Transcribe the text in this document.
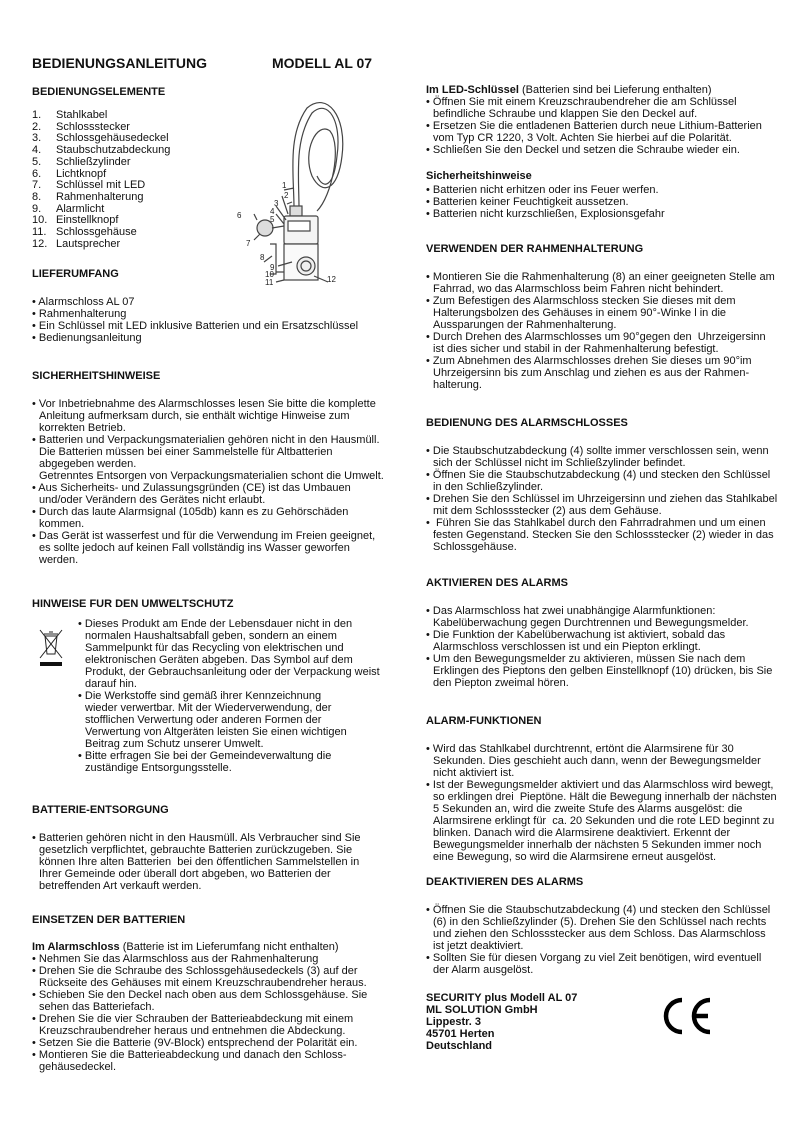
BEDIENUNGSANLEITUNG	MODELL AL 07
BEDIENUNGSELEMENTE
1.	Stahlkabel
2.	Schlossstecker
3.	Schlossgehäusedeckel
4.	Staubschutzabdeckung
5.	Schließzylinder
6.	Lichtknopf
7.	Schlüssel mit LED
8.	Rahmenhalterung
9.	Alarmlicht
10. Einstellknopf
11. Schlossgehäuse
12. Lautsprecher
1
2
3
4
5
6
7
8
9
10
11	12
LIEFERUMFANG
• Alarmschloss AL 07
• Rahmenhalterung
• Ein Schlüssel mit LED inklusive Batterien und ein Ersatzschlüssel
• Bedienungsanleitung
SICHERHEITSHINWEISE
• Vor Inbetriebnahme des Alarmschlosses lesen Sie bitte die komplette
Anleitung aufmerksam durch, sie enthält wichtige Hinweise zum
korrekten Betrieb.
• Batterien und Verpackungsmaterialien gehören nicht in den Hausmüll.
Die Batterien müssen bei einer Sammelstelle für Altbatterien
abgegeben werden.
Getrenntes Entsorgen von Verpackungsmaterialien schont die Umwelt.
• Aus Sicherheits- und Zulassungsgründen (CE) ist das Umbauen
und/oder Verändern des Gerätes nicht erlaubt.
• Durch das laute Alarmsignal (105db) kann es zu Gehörschäden
kommen.
• Das Gerät ist wasserfest und für die Verwendung im Freien geeignet,
es sollte jedoch auf keinen Fall vollständig ins Wasser geworfen
werden.
HINWEISE FUR DEN UMWELTSCHUTZ
• Dieses Produkt am Ende der Lebensdauer nicht in den
normalen Haushaltsabfall geben, sondern an einem
Sammelpunkt für das Recycling von elektrischen und
elektronischen Geräten abgeben. Das Symbol auf dem
Produkt, der Gebrauchsanleitung oder der Verpackung weist
darauf hin.
• Die Werkstoffe sind gemäß ihrer Kennzeichnung
wieder verwertbar. Mit der Wiederverwendung, der
stofflichen Verwertung oder anderen Formen der
Verwertung von Altgeräten leisten Sie einen wichtigen
Beitrag zum Schutz unserer Umwelt.
• Bitte erfragen Sie bei der Gemeindeverwaltung die
zuständige Entsorgungsstelle.
BATTERIE-ENTSORGUNG
• Batterien gehören nicht in den Hausmüll. Als Verbraucher sind Sie
gesetzlich verpflichtet, gebrauchte Batterien zurückzugeben. Sie
können Ihre alten Batterien  bei den öffentlichen Sammelstellen in
Ihrer Gemeinde oder überall dort abgeben, wo Batterien der
betreffenden Art verkauft werden.
EINSETZEN DER BATTERIEN
Im Alarmschloss (Batterie ist im Lieferumfang nicht enthalten)
• Nehmen Sie das Alarmschloss aus der Rahmenhalterung
• Drehen Sie die Schraube des Schlossgehäusedeckels (3) auf der
Rückseite des Gehäuses mit einem Kreuzschraubendreher heraus.
• Schieben Sie den Deckel nach oben aus dem Schlossgehäuse. Sie
sehen das Batteriefach.
• Drehen Sie die vier Schrauben der Batterieabdeckung mit einem
Kreuzschraubendreher heraus und entnehmen die Abdeckung.
• Setzen Sie die Batterie (9V-Block) entsprechend der Polarität ein.
• Montieren Sie die Batterieabdeckung und danach den Schloss-
gehäusedeckel.
Im LED-Schlüssel (Batterien sind bei Lieferung enthalten)
• Öffnen Sie mit einem Kreuzschraubendreher die am Schlüssel
befindliche Schraube und klappen Sie den Deckel auf.
• Ersetzen Sie die entladenen Batterien durch neue Lithium-Batterien
vom Typ CR 1220, 3 Volt. Achten Sie hierbei auf die Polarität.
• Schließen Sie den Deckel und setzen die Schraube wieder ein.
Sicherheitshinweise
• Batterien nicht erhitzen oder ins Feuer werfen.
• Batterien keiner Feuchtigkeit aussetzen.
• Batterien nicht kurzschließen, Explosionsgefahr
VERWENDEN DER RAHMENHALTERUNG
• Montieren Sie die Rahmenhalterung (8) an einer geeigneten Stelle am
Fahrrad, wo das Alarmschloss beim Fahren nicht behindert.
• Zum Befestigen des Alarmschloss stecken Sie dieses mit dem
Halterungsbolzen des Gehäuses in einem 90°-Winke l in die
Aussparungen der Rahmenhalterung.
• Durch Drehen des Alarmschlosses um 90°gegen den  Uhrzeigersinn
ist dies sicher und stabil in der Rahmenhalterung befestigt.
• Zum Abnehmen des Alarmschlosses drehen Sie dieses um 90°im
Uhrzeigersinn bis zum Anschlag und ziehen es aus der Rahmen-
halterung.
BEDIENUNG DES ALARMSCHLOSSES
• Die Staubschutzabdeckung (4) sollte immer verschlossen sein, wenn
sich der Schlüssel nicht im Schließzylinder befindet.
• Öffnen Sie die Staubschutzabdeckung (4) und stecken den Schlüssel
in den Schließzylinder.
• Drehen Sie den Schlüssel im Uhrzeigersinn und ziehen das Stahlkabel
mit dem Schlossstecker (2) aus dem Gehäuse.
•  Führen Sie das Stahlkabel durch den Fahrradrahmen und um einen
festen Gegenstand. Stecken Sie den Schlossstecker (2) wieder in das
Schlossgehäuse.
AKTIVIEREN DES ALARMS
• Das Alarmschloss hat zwei unabhängige Alarmfunktionen:
Kabelüberwachung gegen Durchtrennen und Bewegungsmelder.
• Die Funktion der Kabelüberwachung ist aktiviert, sobald das
Alarmschloss verschlossen ist und ein Piepton erklingt.
• Um den Bewegungsmelder zu aktivieren, müssen Sie nach dem
Erklingen des Pieptons den gelben Einstellknopf (10) drücken, bis Sie
den Piepton zweimal hören.
ALARM-FUNKTIONEN
• Wird das Stahlkabel durchtrennt, ertönt die Alarmsirene für 30
Sekunden. Dies geschieht auch dann, wenn der Bewegungsmelder
nicht aktiviert ist.
• Ist der Bewegungsmelder aktiviert und das Alarmschloss wird bewegt,
so erklingen drei  Pieptöne. Hält die Bewegung innerhalb der nächsten
5 Sekunden an, wird die zweite Stufe des Alarms ausgelöst: die
Alarmsirene erklingt für  ca. 20 Sekunden und die rote LED beginnt zu
blinken. Danach wird die Alarmsirene deaktiviert. Erkennt der
Bewegungsmelder innerhalb der nächsten 5 Sekunden immer noch
eine Bewegung, so wird die Alarmsirene erneut ausgelöst.
DEAKTIVIEREN DES ALARMS
• Öffnen Sie die Staubschutzabdeckung (4) und stecken den Schlüssel
(6) in den Schließzylinder (5). Drehen Sie den Schlüssel nach rechts
und ziehen den Schlossstecker aus dem Schloss. Das Alarmschloss
ist jetzt deaktiviert.
• Sollten Sie für diesen Vorgang zu viel Zeit benötigen, wird eventuell
der Alarm ausgelöst.
SECURITY plus Modell AL 07
ML SOLUTION GmbH
Lippestr. 3
45701 Herten
Deutschland
